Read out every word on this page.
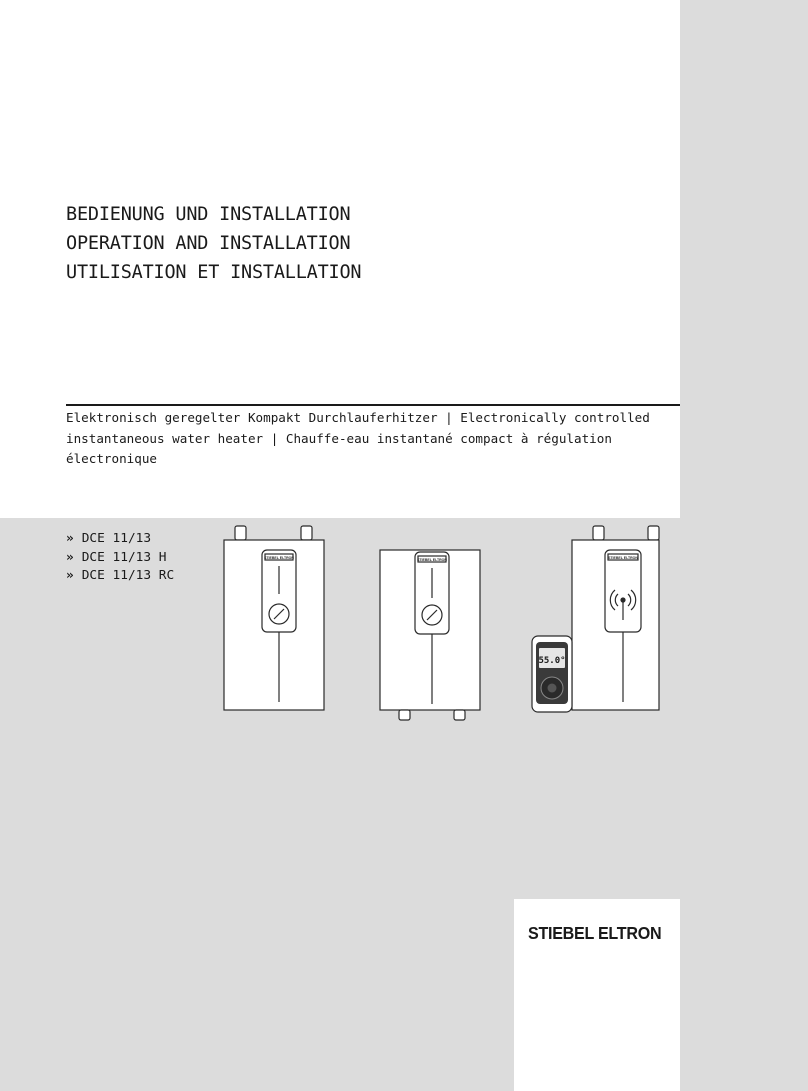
BEDIENUNG UND INSTALLATION
OPERATION AND INSTALLATION
UTILISATION ET INSTALLATION
Elektronisch geregelter Kompakt Durchlauferhitzer | Electronically controlled instantaneous water heater | Chauffe-eau instantané compact à régulation électronique
» DCE 11/13
» DCE 11/13 H
» DCE 11/13 RC
STIEBEL ELTRON	STIEBEL ELTRON	STIEBEL ELTRON
55.0°
STIEBEL ELTRON
